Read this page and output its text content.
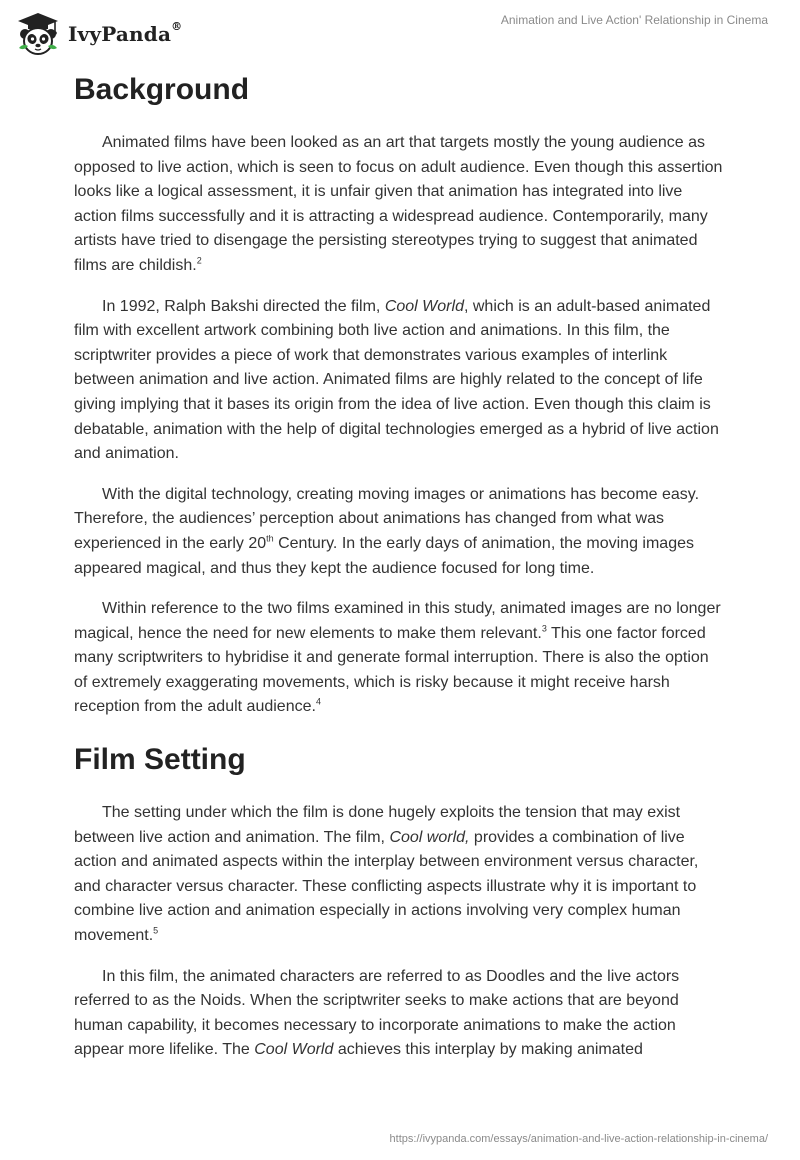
IvyPanda®	Animation and Live Action' Relationship in Cinema
Background

Animated films have been looked as an art that targets mostly the young audience as opposed to live action, which is seen to focus on adult audience. Even though this assertion looks like a logical assessment, it is unfair given that animation has integrated into live action films successfully and it is attracting a widespread audience. Contemporarily, many artists have tried to disengage the persisting stereotypes trying to suggest that animated films are childish.$^2$

In 1992, Ralph Bakshi directed the film, Cool World, which is an adult-based animated film with excellent artwork combining both live action and animations. In this film, the scriptwriter provides a piece of work that demonstrates various examples of interlink between animation and live action. Animated films are highly related to the concept of life giving implying that it bases its origin from the idea of live action. Even though this claim is debatable, animation with the help of digital technologies emerged as a hybrid of live action and animation.

With the digital technology, creating moving images or animations has become easy. Therefore, the audiences’ perception about animations has changed from what was experienced in the early 20th Century. In the early days of animation, the moving images appeared magical, and thus they kept the audience focused for long time.

Within reference to the two films examined in this study, animated images are no longer magical, hence the need for new elements to make them relevant.$^3$ This one factor forced many scriptwriters to hybridise it and generate formal interruption. There is also the option of extremely exaggerating movements, which is risky because it might receive harsh reception from the adult audience.$^4$

Film Setting

The setting under which the film is done hugely exploits the tension that may exist between live action and animation. The film, Cool world, provides a combination of live action and animated aspects within the interplay between environment versus character, and character versus character. These conflicting aspects illustrate why it is important to combine live action and animation especially in actions involving very complex human movement.$^5$

In this film, the animated characters are referred to as Doodles and the live actors referred to as the Noids. When the scriptwriter seeks to make actions that are beyond human capability, it becomes necessary to incorporate animations to make the action appear more lifelike. The Cool World achieves this interplay by making animated

https://ivypanda.com/essays/animation-and-live-action-relationship-in-cinema/
